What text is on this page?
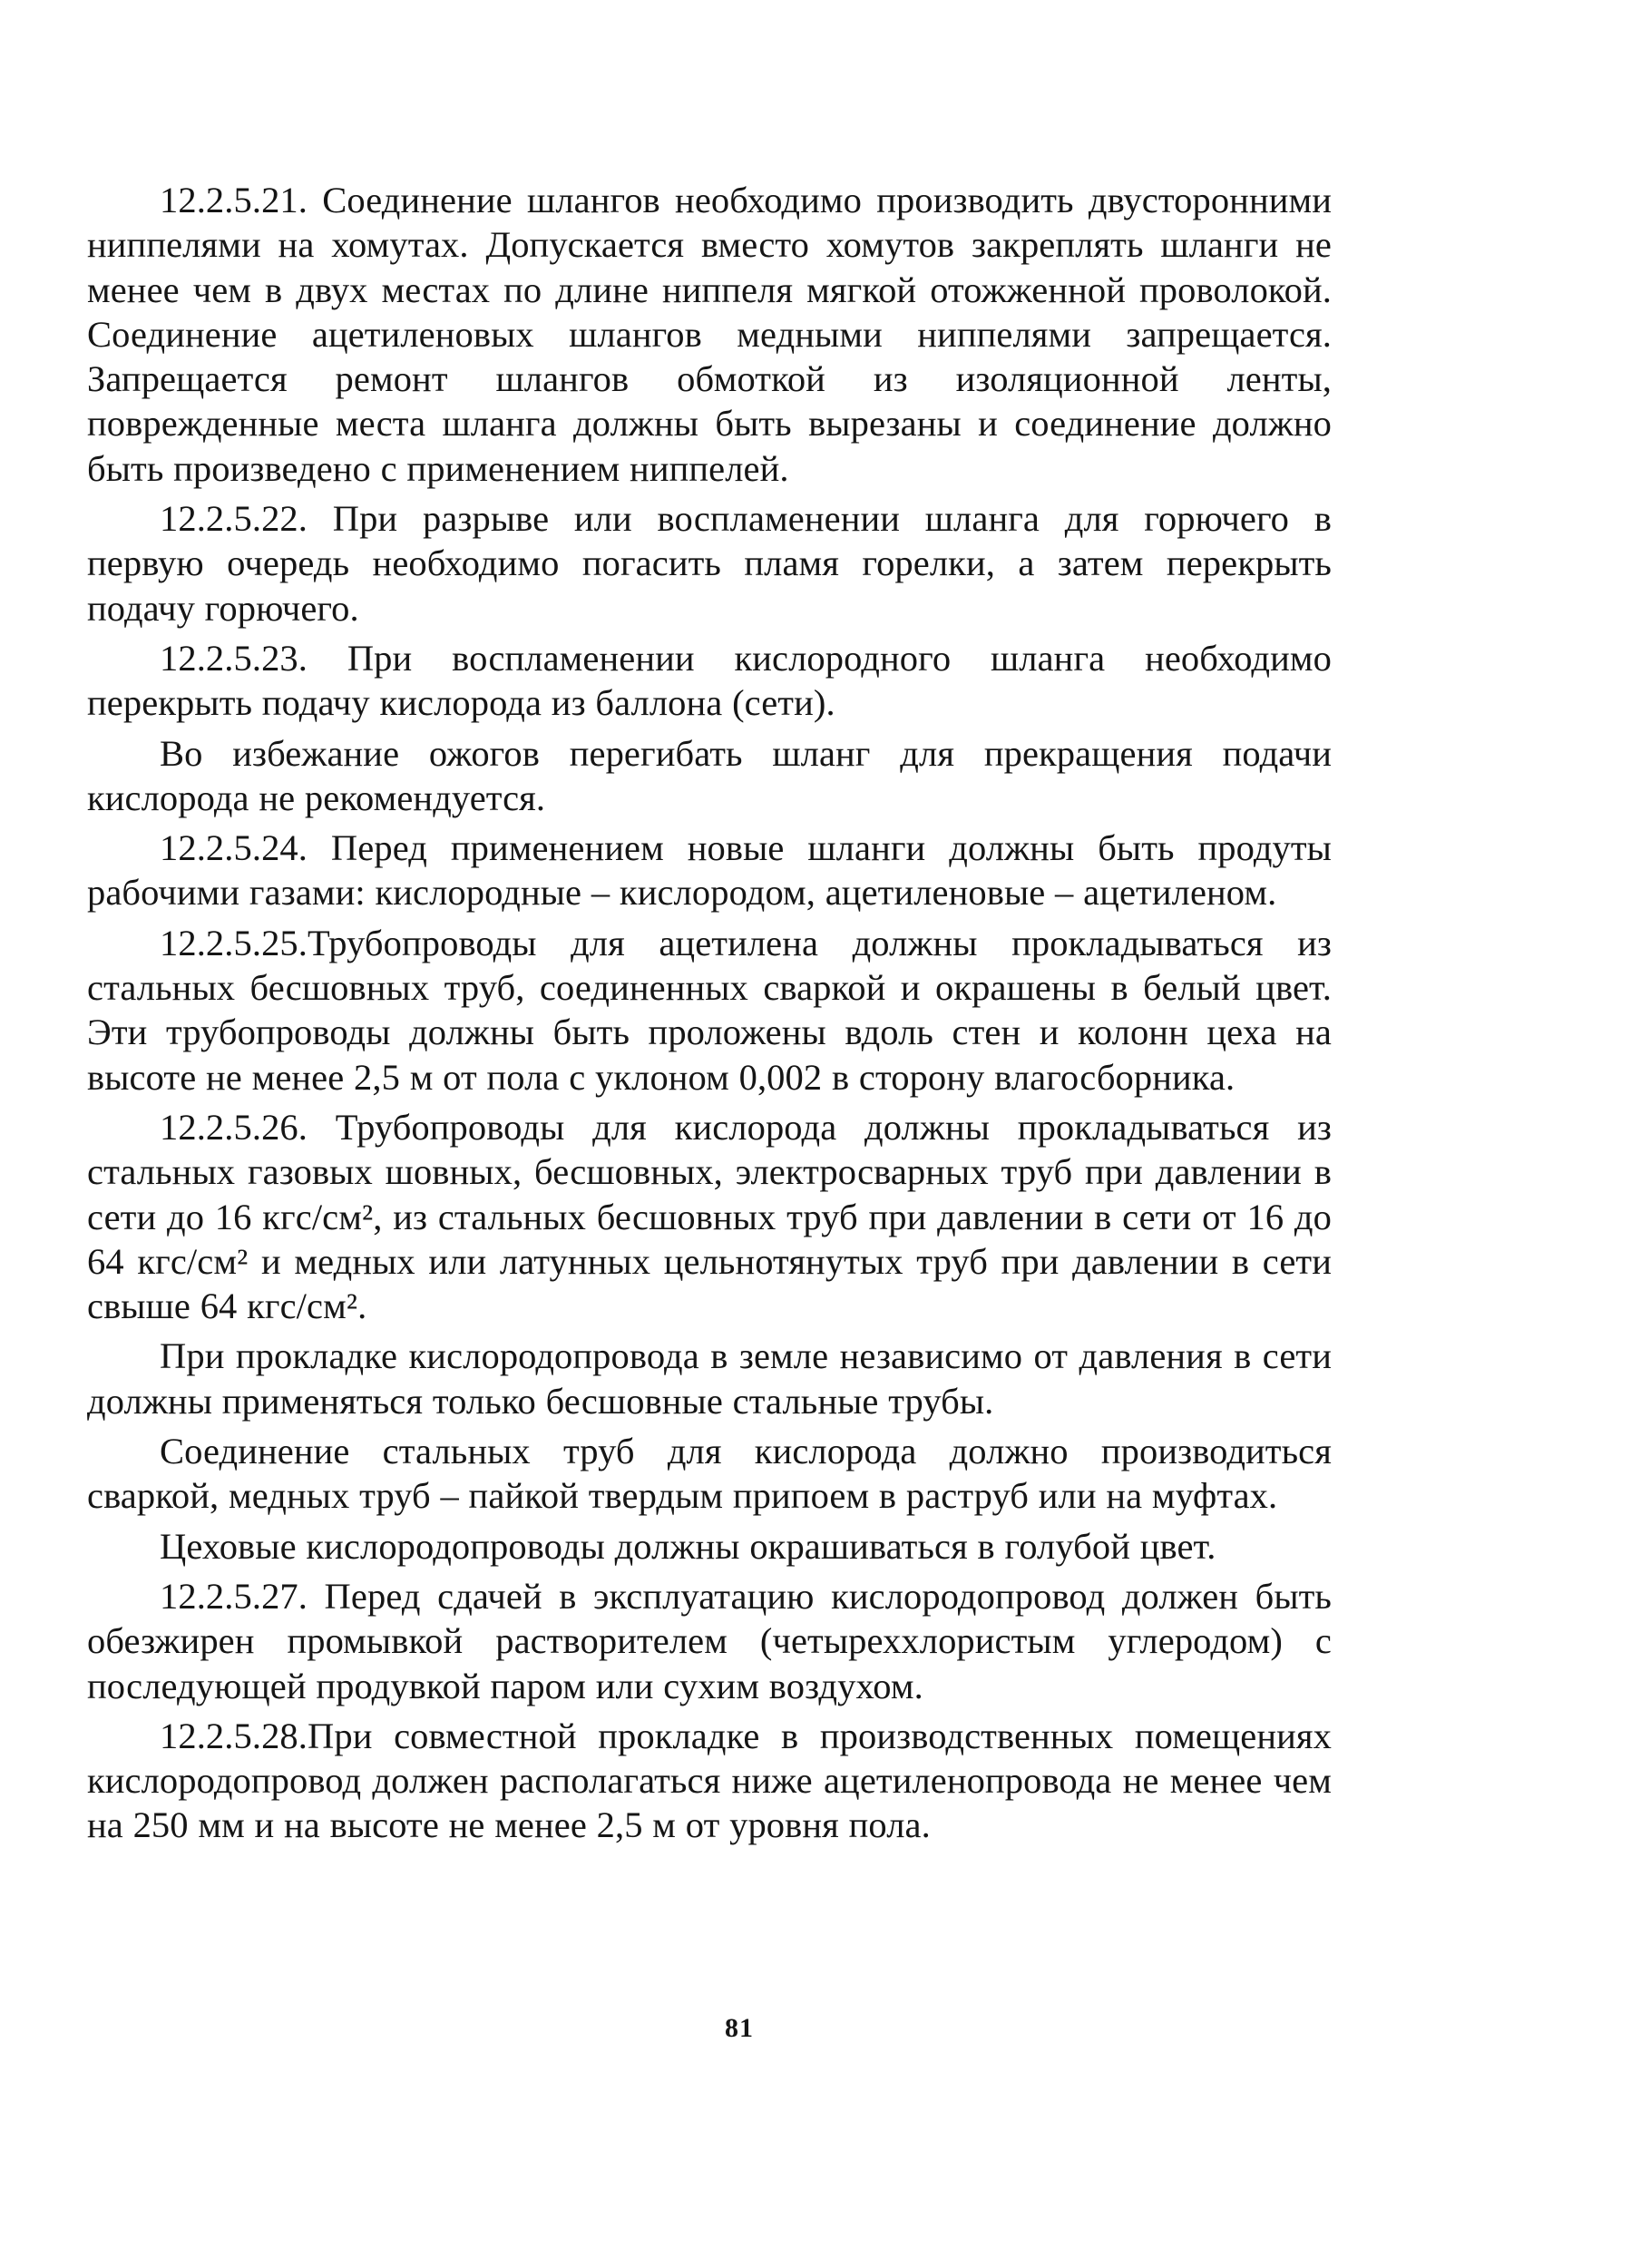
12.2.5.21. Соединение шлангов необходимо производить двусторонними ниппелями на хомутах. Допускается вместо хомутов закреплять шланги не менее чем в двух местах по длине ниппеля мягкой отожженной проволокой. Соединение ацетиленовых шлангов медными ниппелями запрещается. Запрещается ремонт шлангов обмоткой из изоляционной ленты, поврежденные места шланга должны быть вырезаны и соединение должно быть произведено с применением ниппелей.

12.2.5.22. При разрыве или воспламенении шланга для горючего в первую очередь необходимо погасить пламя горелки, а затем перекрыть подачу горючего.

12.2.5.23. При воспламенении кислородного шланга необходимо перекрыть подачу кислорода из баллона (сети).

Во избежание ожогов перегибать шланг для прекращения подачи кислорода не рекомендуется.

12.2.5.24. Перед применением новые шланги должны быть продуты рабочими газами: кислородные – кислородом, ацетиленовые – ацетиленом.

12.2.5.25.Трубопроводы для ацетилена должны прокладываться из стальных бесшовных труб, соединенных сваркой и окрашены в белый цвет. Эти трубопроводы должны быть проложены вдоль стен и колонн цеха на высоте не менее 2,5 м от пола с уклоном 0,002 в сторону влагосборника.

12.2.5.26. Трубопроводы для кислорода должны прокладываться из стальных газовых шовных, бесшовных, электросварных труб при давлении в сети до 16 кгс/см², из стальных бесшовных труб при давлении в сети от 16 до 64 кгс/см² и медных или латунных цельнотянутых труб при давлении в сети свыше 64 кгс/см².

При прокладке кислородопровода в земле независимо от давления в сети должны применяться только бесшовные стальные трубы.

Соединение стальных труб для кислорода должно производиться сваркой, медных труб – пайкой твердым припоем в раструб или на муфтах.

Цеховые кислородопроводы должны окрашиваться в голубой цвет.

12.2.5.27. Перед сдачей в эксплуатацию кислородопровод должен быть обезжирен промывкой растворителем (четыреххлористым углеродом) с последующей продувкой паром или сухим воздухом.

12.2.5.28.При совместной прокладке в производственных помещениях кислородопровод должен располагаться ниже ацетиленопровода не менее чем на 250 мм и на высоте не менее 2,5 м от уровня пола.

81
